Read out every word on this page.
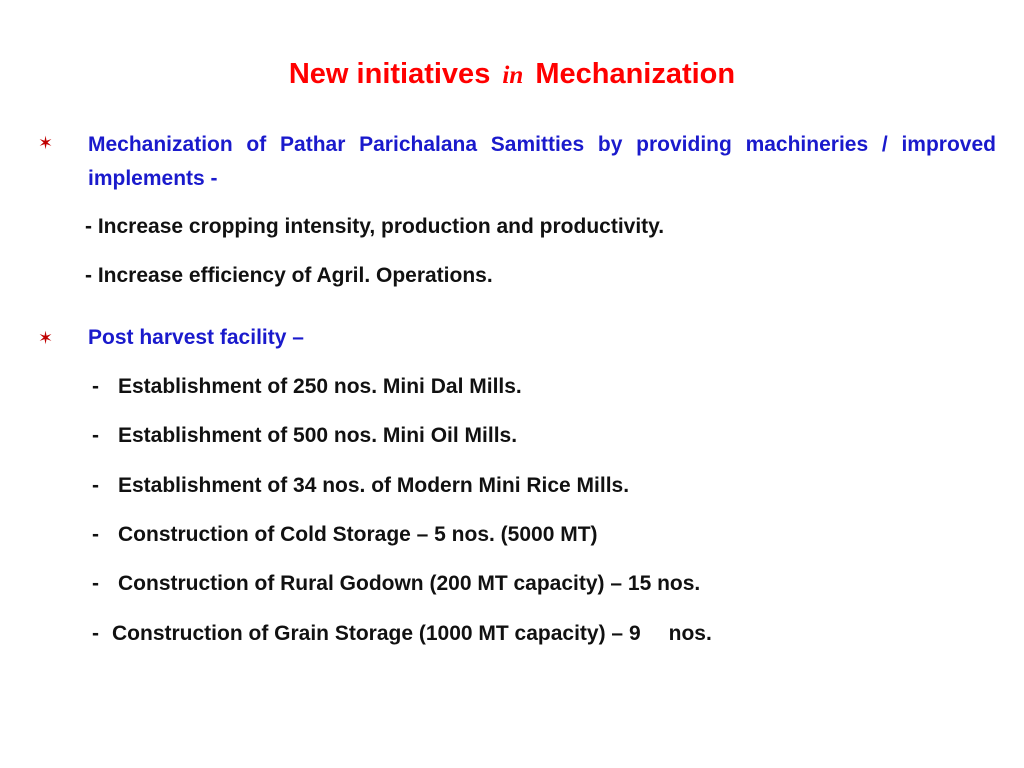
New initiatives in Mechanization
✶ Mechanization of Pathar Parichalana Samitties by providing machineries / improved implements -
- Increase cropping intensity, production and productivity.
- Increase efficiency of Agril. Operations.
✶ Post harvest facility –
- Establishment of 250 nos. Mini Dal Mills.
- Establishment of 500 nos. Mini Oil Mills.
- Establishment of 34 nos. of Modern Mini Rice Mills.
- Construction of Cold Storage – 5 nos. (5000 MT)
- Construction of Rural Godown (200 MT capacity) – 15 nos.
- Construction of Grain Storage (1000 MT capacity) – 9 nos.
